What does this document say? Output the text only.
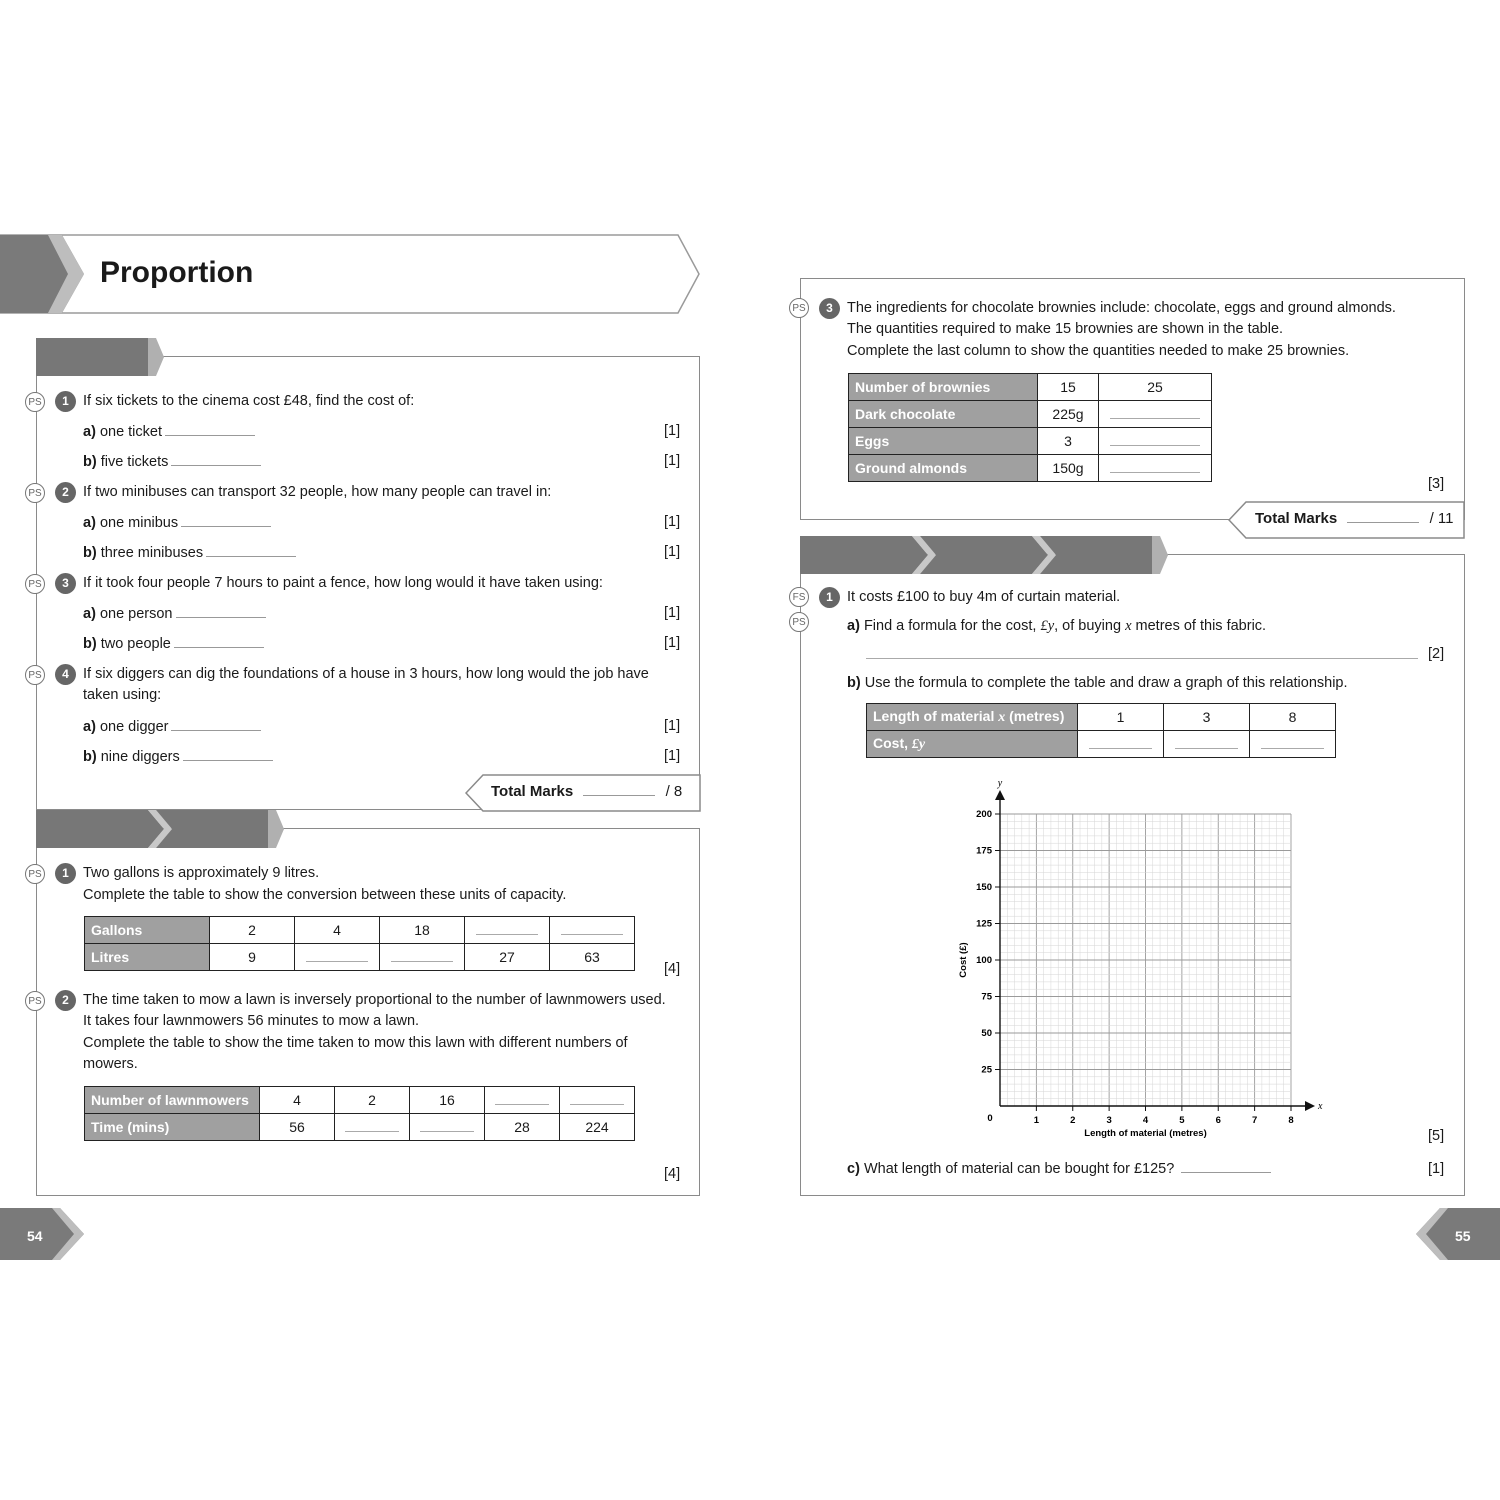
Proportion
PS	1 If six tickets to the cinema cost £48, find the cost of:
a) one ticket	[1]
b) five tickets	[1]
PS	2 If two minibuses can transport 32 people, how many people can travel in:
a) one minibus	[1]
b) three minibuses	[1]
PS	3 If it took four people 7 hours to paint a fence, how long would it have taken using:
a) one person	[1]
b) two people	[1]
PS	4 If six diggers can dig the foundations of a house in 3 hours, how long would the job have taken using:
a) one digger	[1]
b) nine diggers	[1]
Total Marks	/ 8
PS	1 Two gallons is approximately 9 litres.
Complete the table to show the conversion between these units of capacity.
Gallons	2	4	18		
Litres	9			27	63
[4]
PS	2 The time taken to mow a lawn is inversely proportional to the number of lawnmowers used.
It takes four lawnmowers 56 minutes to mow a lawn.
Complete the table to show the time taken to mow this lawn with different numbers of mowers.
Number of lawnmowers	4	2	16		
Time (mins)	56			28	224
[4]
54
PS	3 The ingredients for chocolate brownies include: chocolate, eggs and ground almonds.
The quantities required to make 15 brownies are shown in the table.
Complete the last column to show the quantities needed to make 25 brownies.
Number of brownies	15	25
Dark chocolate	225g	
Eggs	3	
Ground almonds	150g	
[3]
Total Marks	/ 11
FS
PS
1 It costs £100 to buy 4m of curtain material.
a) Find a formula for the cost, £y, of buying x metres of this fabric.
[2]
b) Use the formula to complete the table and draw a graph of this relationship.
Length of material x (metres)	1	3	8
Cost, £y			
1	2	3	4	5	6	7	8
25
50
75
100
125
150
175
200
0
x
y
Length of material (metres)
Cost (£)
[5]
c) What length of material can be bought for £125?	[1]
55
